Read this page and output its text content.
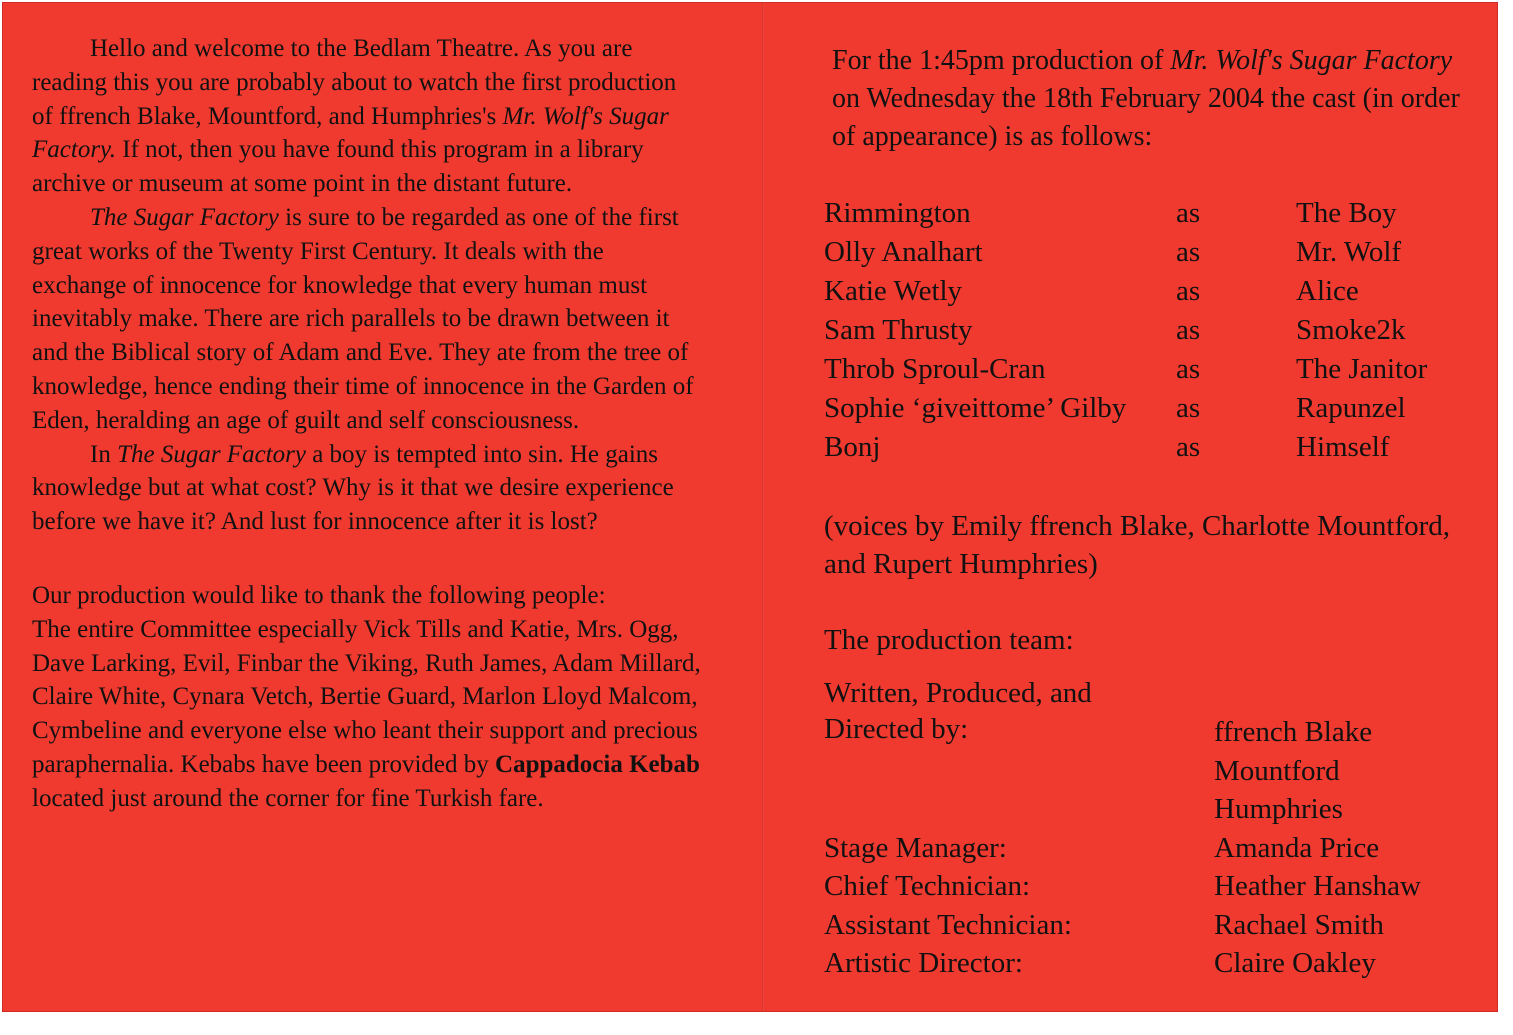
Hello and welcome to the Bedlam Theatre. As you are reading this you are probably about to watch the first production of ffrench Blake, Mountford, and Humphries's Mr. Wolf's Sugar Factory. If not, then you have found this program in a library archive or museum at some point in the distant future.

The Sugar Factory is sure to be regarded as one of the first great works of the Twenty First Century. It deals with the exchange of innocence for knowledge that every human must inevitably make. There are rich parallels to be drawn between it and the Biblical story of Adam and Eve. They ate from the tree of knowledge, hence ending their time of innocence in the Garden of Eden, heralding an age of guilt and self consciousness.

In The Sugar Factory a boy is tempted into sin. He gains knowledge but at what cost? Why is it that we desire experience before we have it? And lust for innocence after it is lost?

Our production would like to thank the following people:

The entire Committee especially Vick Tills and Katie, Mrs. Ogg, Dave Larking, Evil, Finbar the Viking, Ruth James, Adam Millard, Claire White, Cynara Vetch, Bertie Guard, Marlon Lloyd Malcom, Cymbeline and everyone else who leant their support and precious paraphernalia. Kebabs have been provided by Cappadocia Kebab located just around the corner for fine Turkish fare.

For the 1:45pm production of Mr. Wolf's Sugar Factory on Wednesday the 18th February 2004 the cast (in order of appearance) is as follows:

Rimmington	as	The Boy
Olly Analhart	as	Mr. Wolf
Katie Wetly	as	Alice
Sam Thrusty	as	Smoke2k
Throb Sproul-Cran	as	The Janitor
Sophie ‘giveittome’ Gilby	as	Rapunzel
Bonj	as	Himself

(voices by Emily ffrench Blake, Charlotte Mountford, and Rupert Humphries)

The production team:

Written, Produced, and Directed by:	ffrench Blake
Mountford
Humphries
Stage Manager:	Amanda Price
Chief Technician:	Heather Hanshaw
Assistant Technician:	Rachael Smith
Artistic Director:	Claire Oakley
